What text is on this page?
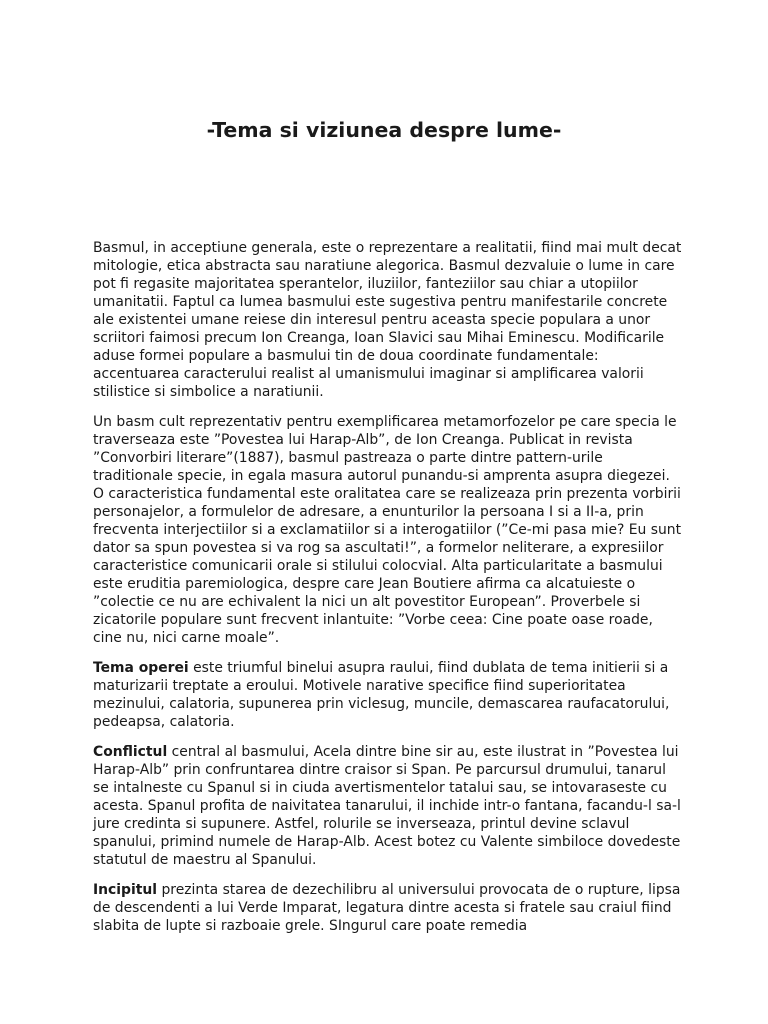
-Tema si viziunea despre lume-

Basmul, in acceptiune generala, este o reprezentare a realitatii, fiind mai mult decat mitologie, etica abstracta sau naratiune alegorica. Basmul dezvaluie o lume in care pot fi regasite majoritatea sperantelor, iluziilor, fanteziilor sau chiar a utopiilor umanitatii. Faptul ca lumea basmului este sugestiva pentru manifestarile concrete ale existentei umane reiese din interesul pentru aceasta specie populara a unor scriitori faimosi precum Ion Creanga, Ioan Slavici sau Mihai Eminescu. Modificarile aduse formei populare a basmului tin de doua coordinate fundamentale: accentuarea caracterului realist al umanismului imaginar si amplificarea valorii stilistice si simbolice a naratiunii.

Un basm cult reprezentativ pentru exemplificarea metamorfozelor pe care specia le traverseaza este ”Povestea lui Harap-Alb”, de Ion Creanga. Publicat in revista ”Convorbiri literare”(1887), basmul pastreaza o parte dintre pattern-urile traditionale specie, in egala masura autorul punandu-si amprenta asupra diegezei. O caracteristica fundamental este oralitatea care se realizeaza prin prezenta vorbirii personajelor, a formulelor de adresare, a enunturilor la persoana I si a II-a, prin frecventa interjectiilor si a exclamatiilor si a interogatiilor (”Ce-mi pasa mie? Eu sunt dator sa spun povestea si va rog sa ascultati!”, a formelor neliterare, a expresiilor caracteristice comunicarii orale si stilului colocvial. Alta particularitate a basmului este eruditia paremiologica, despre care Jean Boutiere afirma ca alcatuieste o ”colectie ce nu are echivalent la nici un alt povestitor European”. Proverbele si zicatorile populare sunt frecvent inlantuite: ”Vorbe ceea: Cine poate oase roade, cine nu, nici carne moale”.

Tema operei este triumful binelui asupra raului, fiind dublata de tema initierii si a maturizarii treptate a eroului. Motivele narative specifice fiind superioritatea mezinului, calatoria, supunerea prin viclesug, muncile, demascarea raufacatorului, pedeapsa, calatoria.

Conflictul central al basmului, Acela dintre bine sir au, este ilustrat in ”Povestea lui Harap-Alb” prin confruntarea dintre craisor si Span. Pe parcursul drumului, tanarul se intalneste cu Spanul si in ciuda avertismentelor tatalui sau, se intovaraseste cu acesta. Spanul profita de naivitatea tanarului, il inchide intr-o fantana, facandu-l sa-l jure credinta si supunere. Astfel, rolurile se inverseaza, printul devine sclavul spanului, primind numele de Harap-Alb. Acest botez cu Valente simbiloce dovedeste statutul de maestru al Spanului.

Incipitul prezinta starea de dezechilibru al universului provocata de o rupture, lipsa de descendenti a lui Verde Imparat, legatura dintre acesta si fratele sau craiul fiind slabita de lupte si razboaie grele. SIngurul care poate remedia
